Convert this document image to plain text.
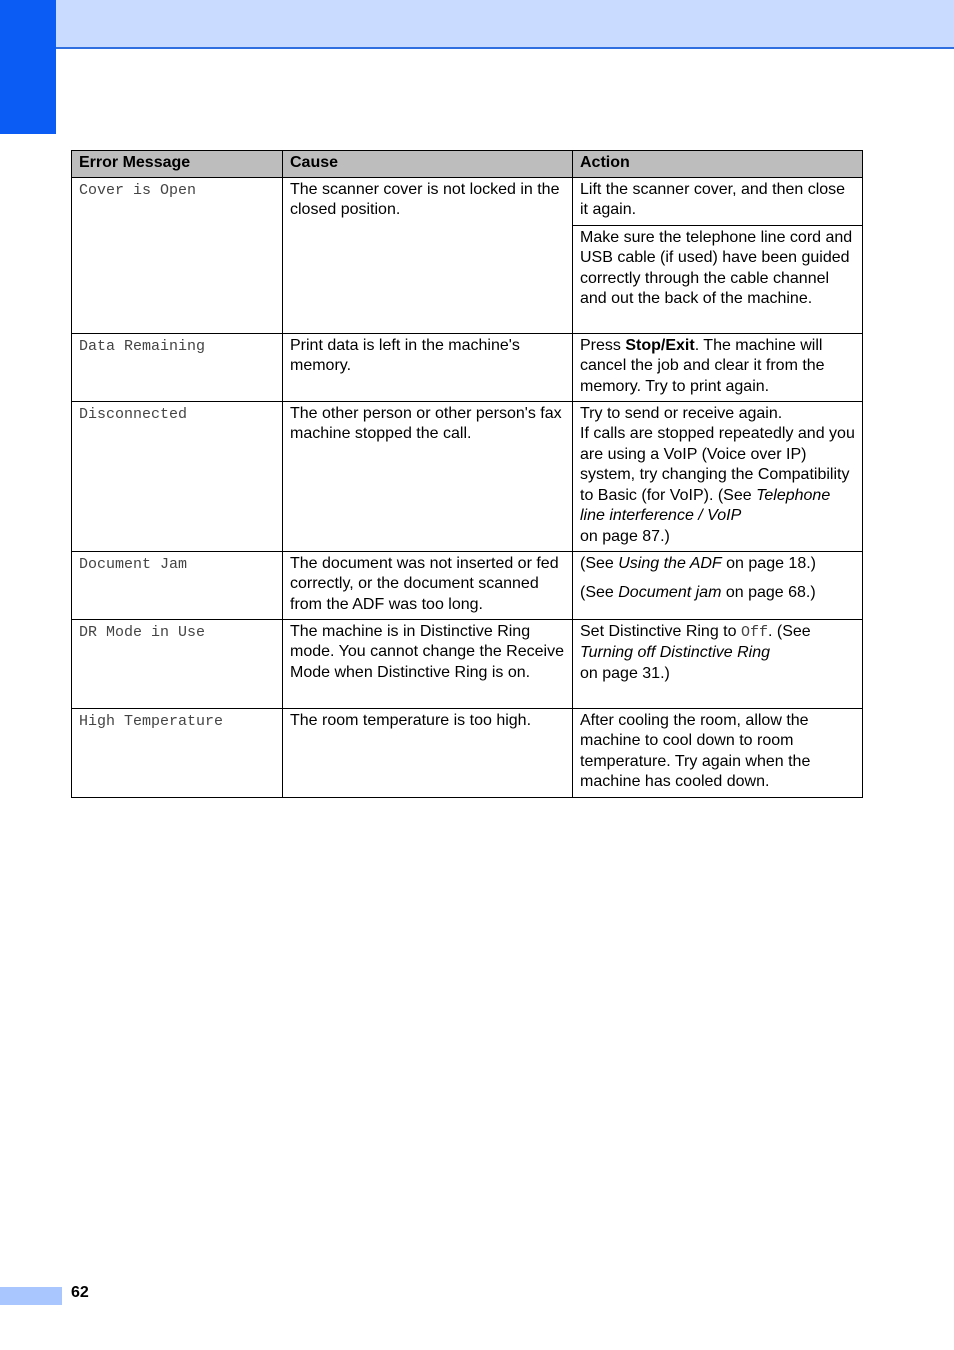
Error Message	Cause	Action

Cover is Open	The scanner cover is not locked in the closed position.	Lift the scanner cover, and then close it again.
		Make sure the telephone line cord and USB cable (if used) have been guided correctly through the cable channel and out the back of the machine.

Data Remaining	Print data is left in the machine's memory.	Press Stop/Exit. The machine will cancel the job and clear it from the memory. Try to print again.

Disconnected	The other person or other person's fax machine stopped the call.	Try to send or receive again.
If calls are stopped repeatedly and you are using a VoIP (Voice over IP) system, try changing the Compatibility to Basic (for VoIP). (See Telephone line interference / VoIP
on page 87.)

Document Jam	The document was not inserted or fed correctly, or the document scanned from the ADF was too long.	(See Using the ADF on page 18.)
(See Document jam on page 68.)

DR Mode in Use	The machine is in Distinctive Ring mode. You cannot change the Receive Mode when Distinctive Ring is on.	Set Distinctive Ring to Off. (See
Turning off Distinctive Ring
on page 31.)

High Temperature	The room temperature is too high.	After cooling the room, allow the machine to cool down to room temperature. Try again when the machine has cooled down.
62
